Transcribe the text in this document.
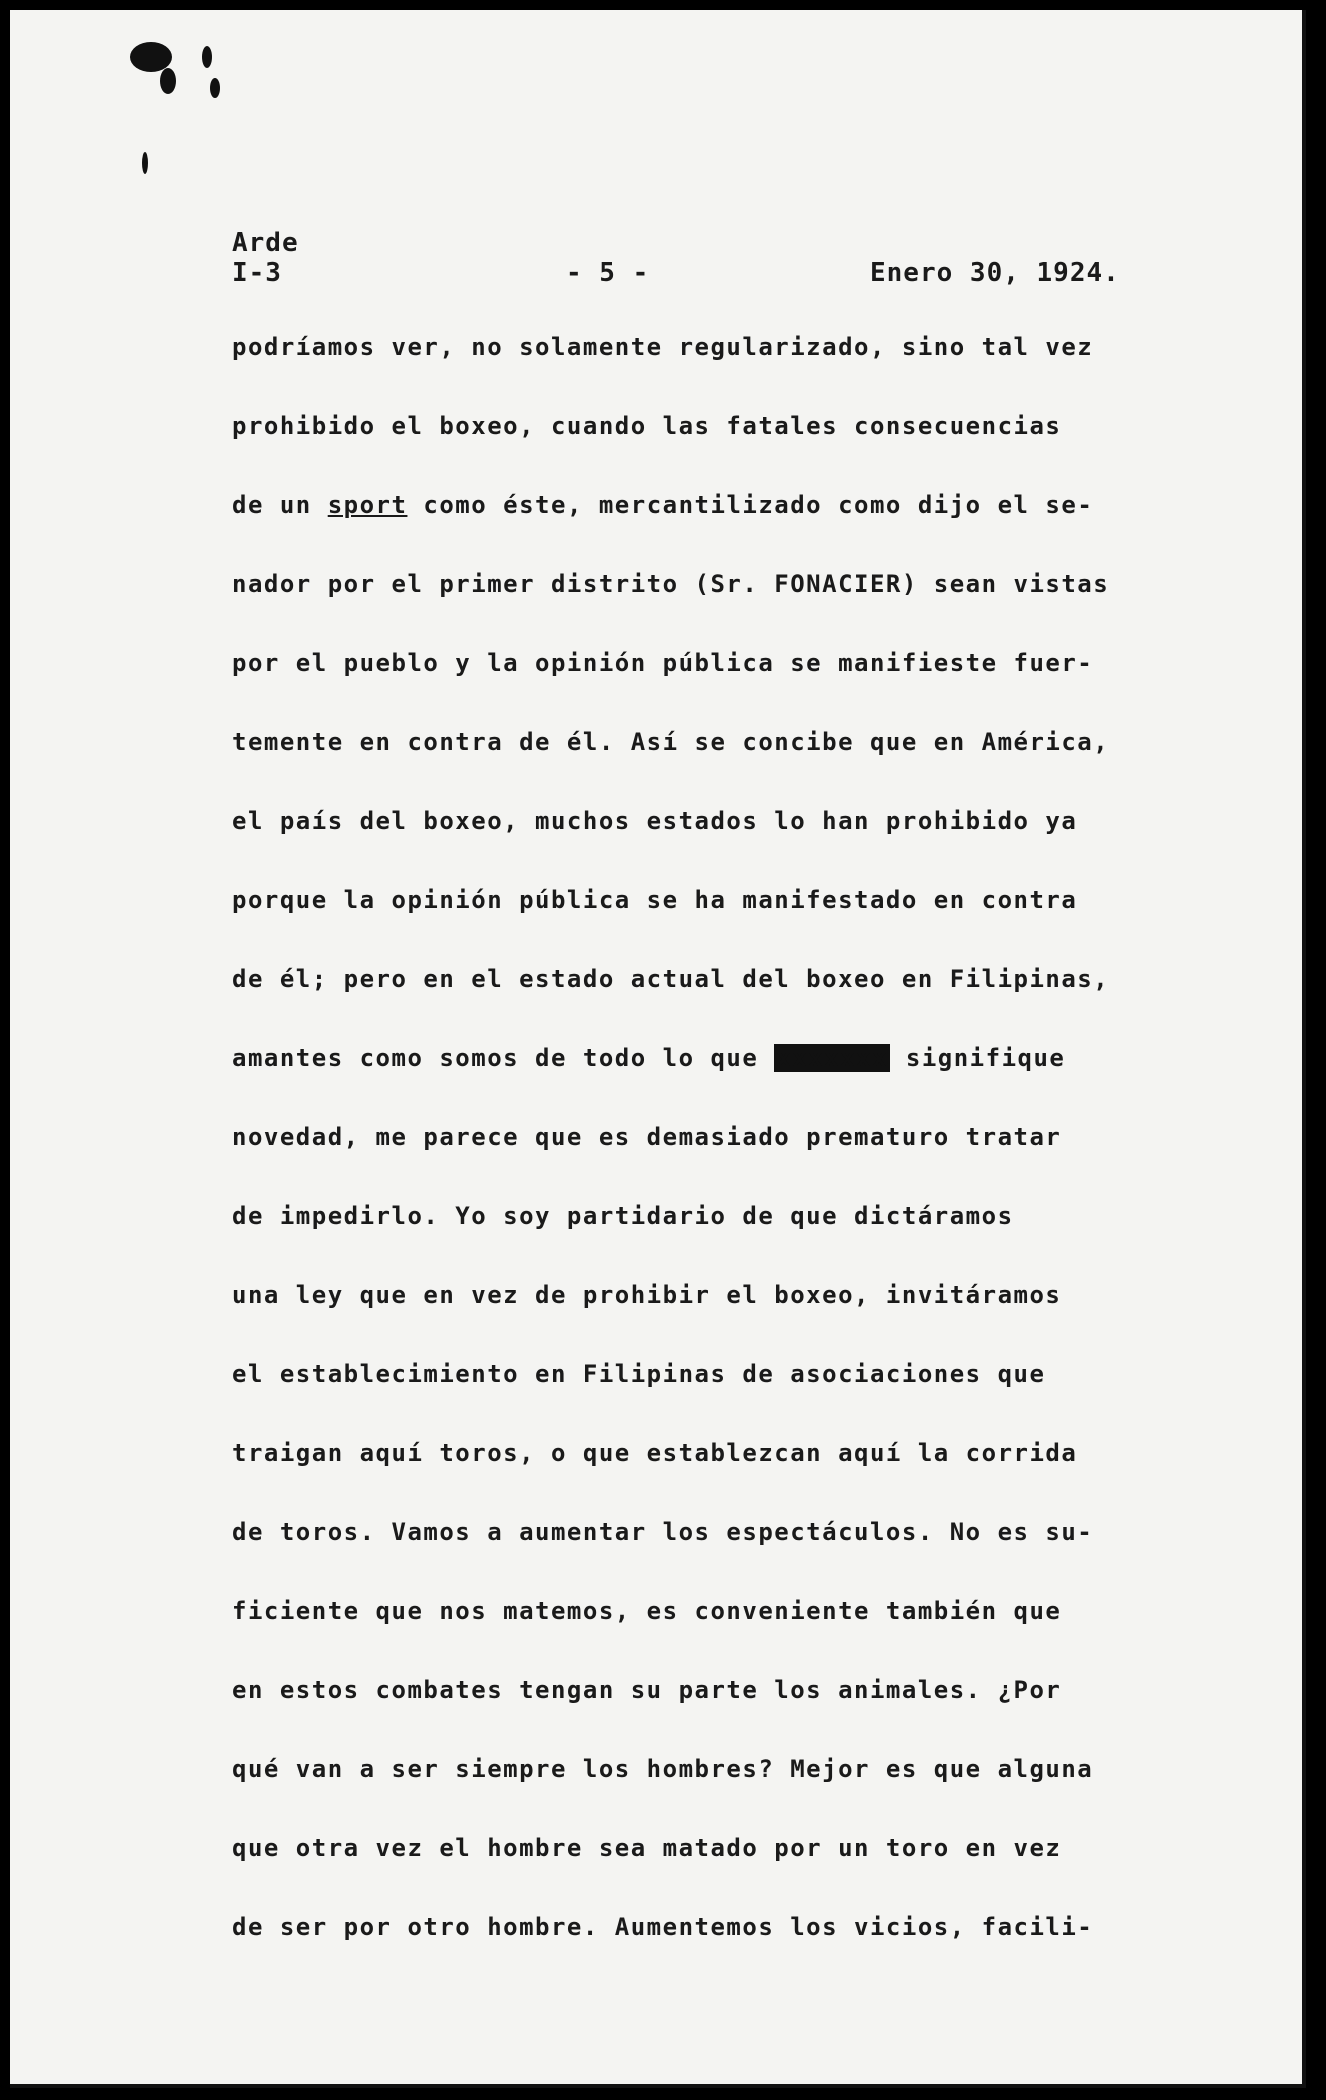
Arde
I-3	- 5 -	Enero 30, 1924.
podríamos ver, no solamente regularizado, sino tal vez
prohibido el boxeo, cuando las fatales consecuencias
de un sport como éste, mercantilizado como dijo el se-
nador por el primer distrito (Sr. FONACIER) sean vistas
por el pueblo y la opinión pública se manifieste fuer-
temente en contra de él. Así se concibe que en América,
el país del boxeo, muchos estados lo han prohibido ya
porque la opinión pública se ha manifestado en contra
de él; pero en el estado actual del boxeo en Filipinas,
amantes como somos de todo lo que xxxxxxx signifique
novedad, me parece que es demasiado prematuro tratar
de impedirlo. Yo soy partidario de que dictáramos
una ley que en vez de prohibir el boxeo, invitáramos
el establecimiento en Filipinas de asociaciones que
traigan aquí toros, o que establezcan aquí la corrida
de toros. Vamos a aumentar los espectáculos. No es su-
ficiente que nos matemos, es conveniente también que
en estos combates tengan su parte los animales. ¿Por
qué van a ser siempre los hombres? Mejor es que alguna
que otra vez el hombre sea matado por un toro en vez
de ser por otro hombre. Aumentemos los vicios, facili-
